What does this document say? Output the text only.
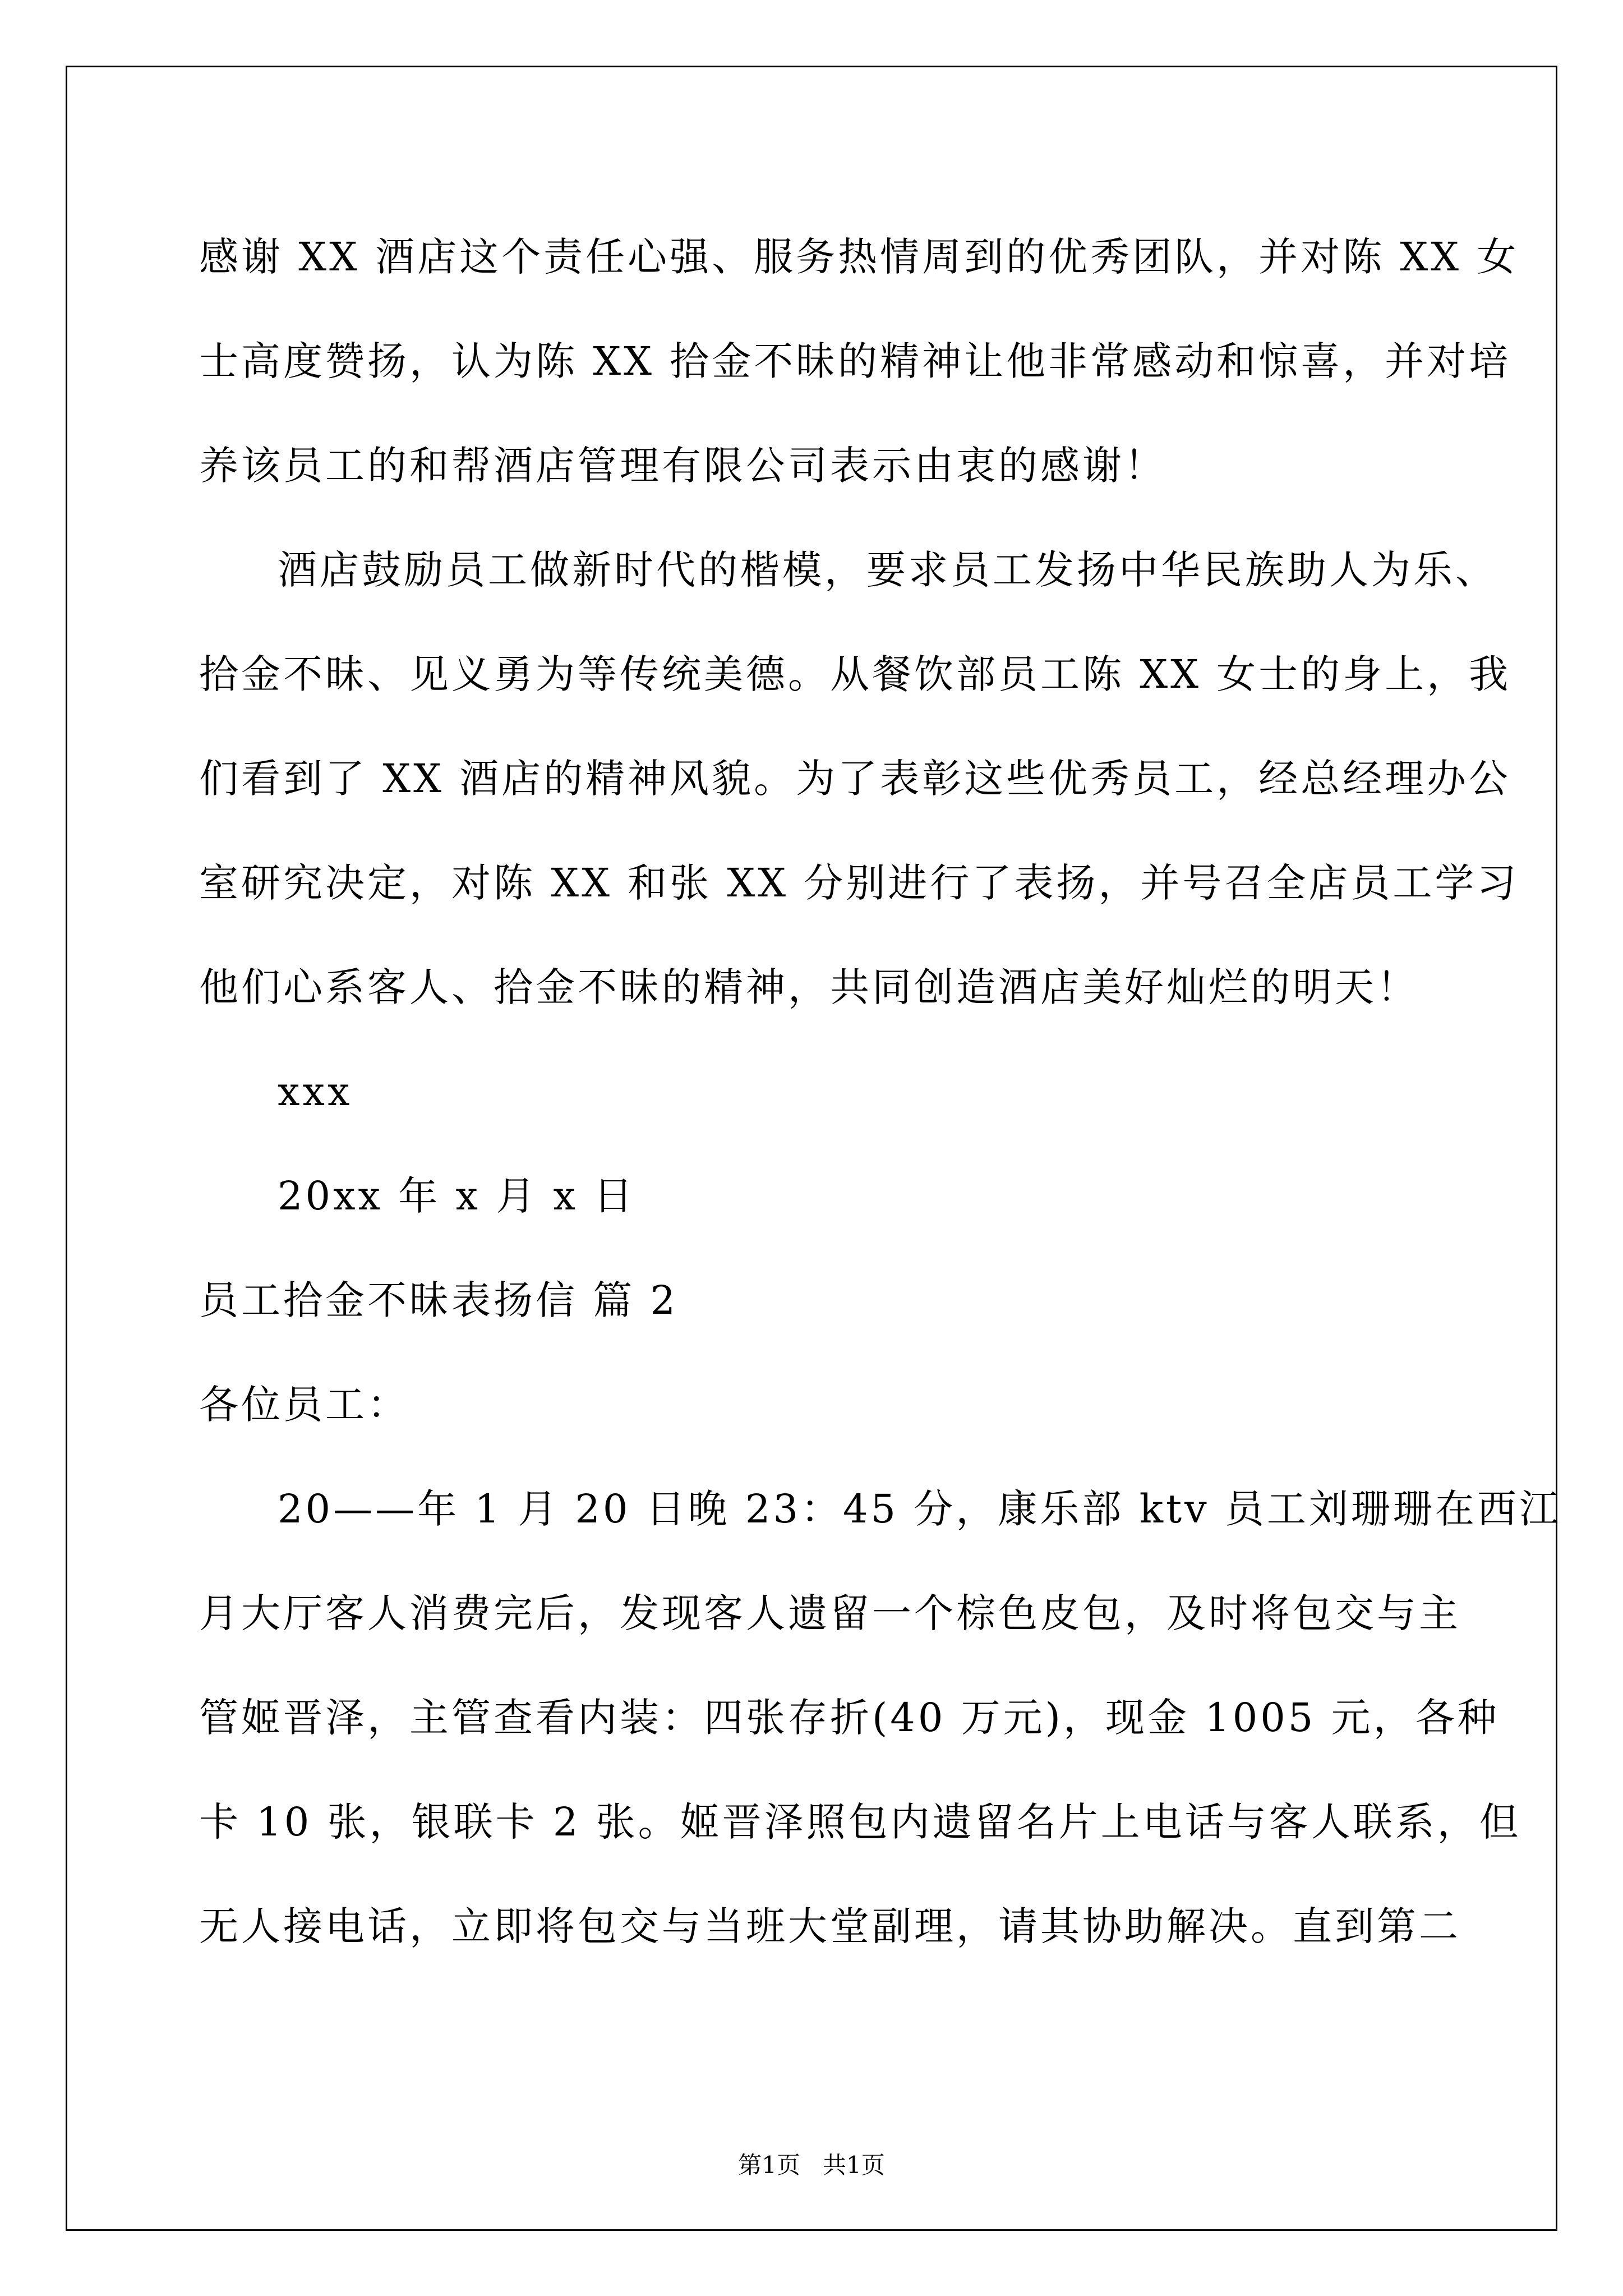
感谢 XX 酒店这个责任心强、服务热情周到的优秀团队，并对陈 XX 女
士高度赞扬，认为陈 XX 拾金不昧的精神让他非常感动和惊喜，并对培
养该员工的和帮酒店管理有限公司表示由衷的感谢！
酒店鼓励员工做新时代的楷模，要求员工发扬中华民族助人为乐、
拾金不昧、见义勇为等传统美德。从餐饮部员工陈 XX 女士的身上，我
们看到了 XX 酒店的精神风貌。为了表彰这些优秀员工，经总经理办公
室研究决定，对陈 XX 和张 XX 分别进行了表扬，并号召全店员工学习
他们心系客人、拾金不昧的精神，共同创造酒店美好灿烂的明天！
xxx
20xx 年 x 月 x 日
员工拾金不昧表扬信 篇 2
各位员工：
20——年 1 月 20 日晚 23：45 分，康乐部 ktv 员工刘珊珊在西江
月大厅客人消费完后，发现客人遗留一个棕色皮包，及时将包交与主
管姬晋泽，主管查看内装：四张存折(40 万元)，现金 1005 元，各种
卡 10 张，银联卡 2 张。姬晋泽照包内遗留名片上电话与客人联系，但
无人接电话，立即将包交与当班大堂副理，请其协助解决。直到第二
第1页   共1页
